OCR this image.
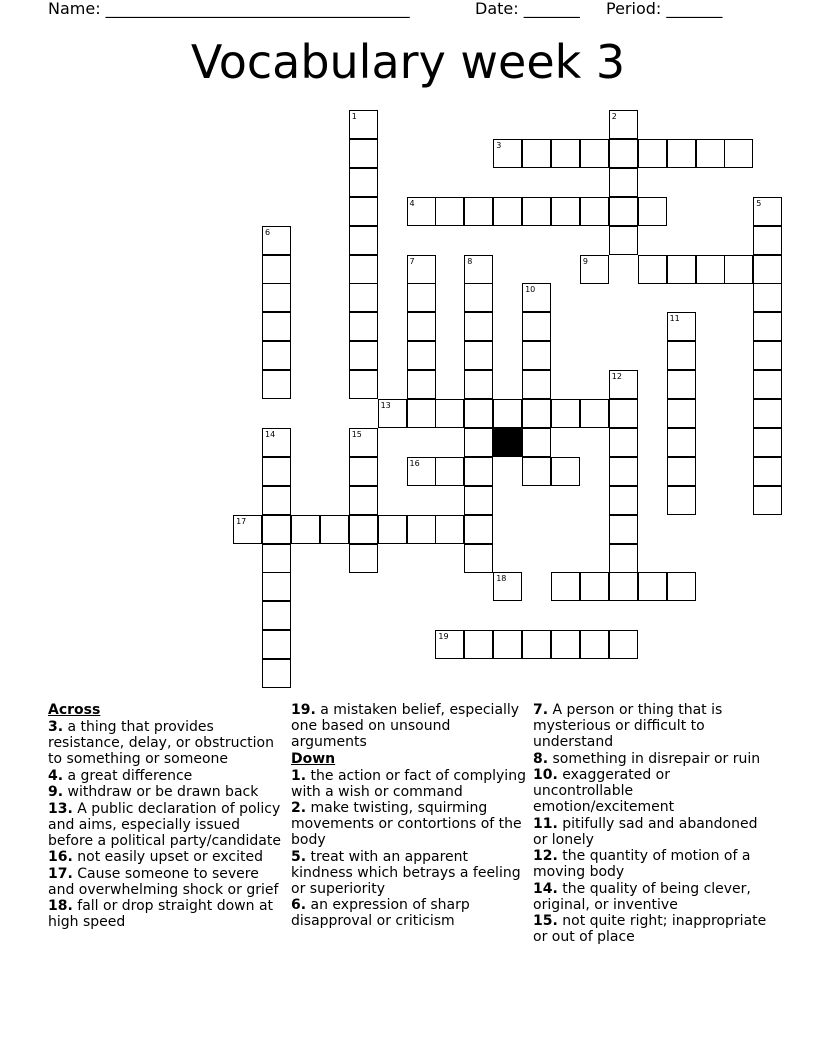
Name: ______________________________________	Date: _______ Period: _______
Vocabulary week 3
1	2
3
4	5
6
7	8	9
10
11
12
13
14	15
16
17
18
19
Across
3. a thing that provides resistance, delay, or obstruction to something or someone
4. a great difference
9. withdraw or be drawn back
13. A public declaration of policy and aims, especially issued before a political party/candidate
16. not easily upset or excited
17. Cause someone to severe and overwhelming shock or grief
18. fall or drop straight down at high speed
19. a mistaken belief, especially one based on unsound arguments
Down
1. the action or fact of complying with a wish or command
2. make twisting, squirming movements or contortions of the body
5. treat with an apparent kindness which betrays a feeling or superiority
6. an expression of sharp disapproval or criticism
7. A person or thing that is mysterious or difficult to understand
8. something in disrepair or ruin
10. exaggerated or uncontrollable emotion/excitement
11. pitifully sad and abandoned or lonely
12. the quantity of motion of a moving body
14. the quality of being clever, original, or inventive
15. not quite right; inappropriate or out of place
